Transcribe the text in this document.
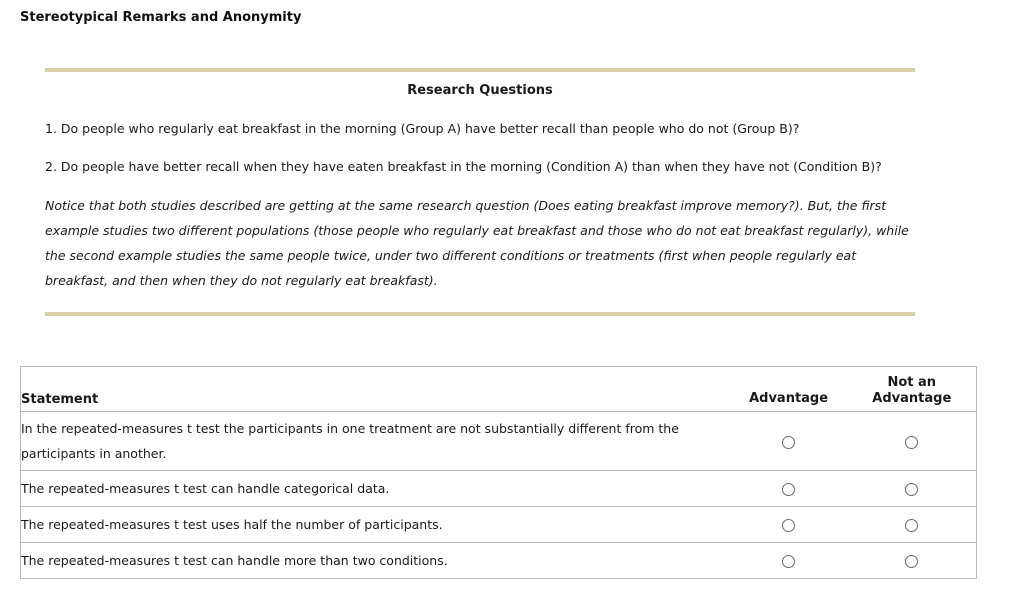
Stereotypical Remarks and Anonymity
Research Questions
1. Do people who regularly eat breakfast in the morning (Group A) have better recall than people who do not (Group B)?
2. Do people have better recall when they have eaten breakfast in the morning (Condition A) than when they have not (Condition B)?
Notice that both studies described are getting at the same research question (Does eating breakfast improve memory?). But, the first example studies two different populations (those people who regularly eat breakfast and those who do not eat breakfast regularly), while the second example studies the same people twice, under two different conditions or treatments (first when people regularly eat breakfast, and then when they do not regularly eat breakfast).
Statement	Advantage	Not an
Advantage
In the repeated-measures t test the participants in one treatment are not substantially different from the participants in another.		
The repeated-measures t test can handle categorical data.		
The repeated-measures t test uses half the number of participants.		
The repeated-measures t test can handle more than two conditions.		
